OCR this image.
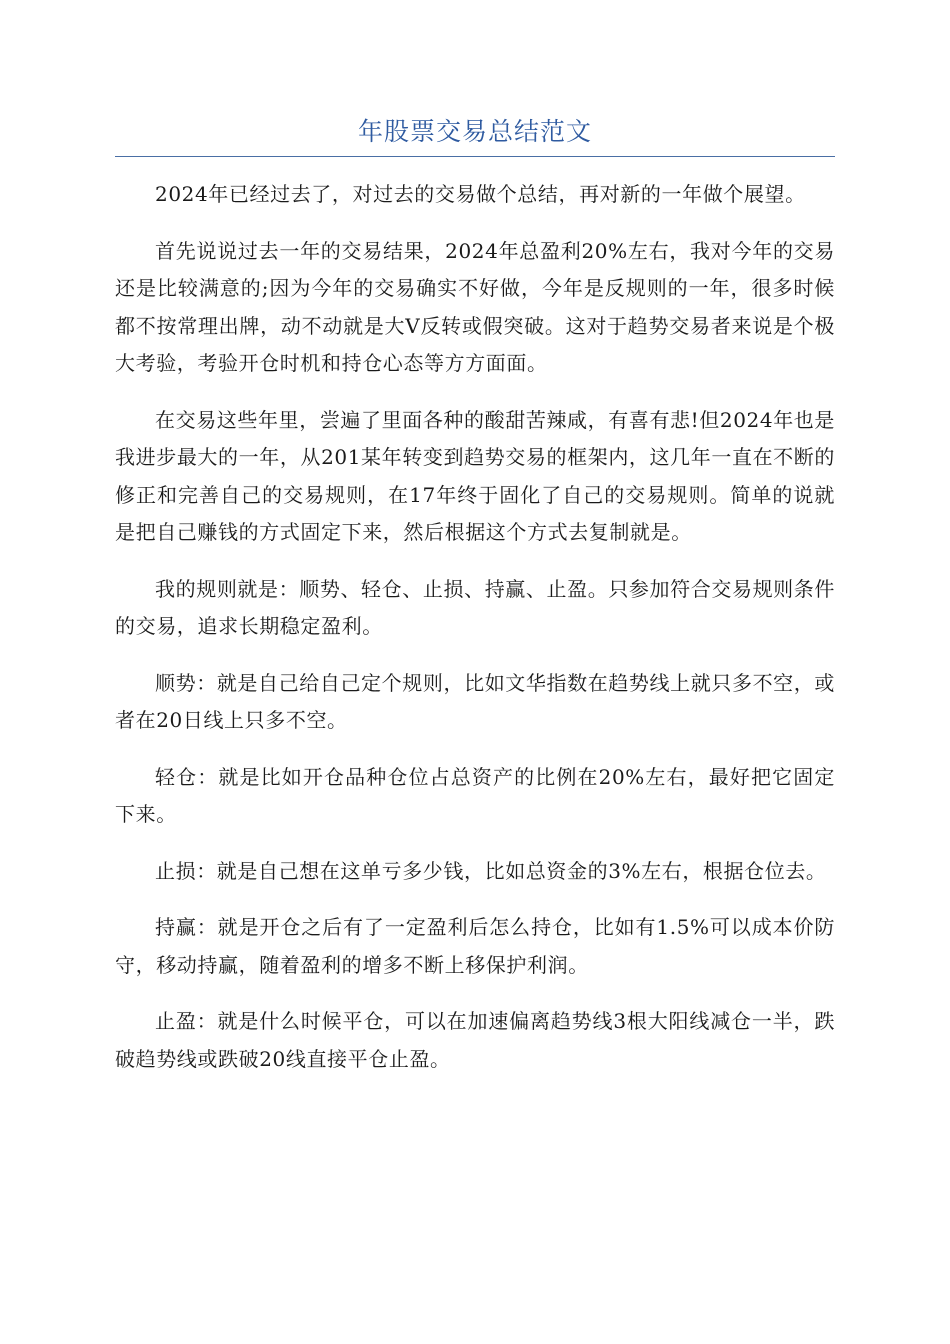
年股票交易总结范文

2024年已经过去了，对过去的交易做个总结，再对新的一年做个展望。

首先说说过去一年的交易结果，2024年总盈利20%左右，我对今年的交易还是比较满意的;因为今年的交易确实不好做，今年是反规则的一年，很多时候都不按常理出牌，动不动就是大V反转或假突破。这对于趋势交易者来说是个极大考验，考验开仓时机和持仓心态等方方面面。

在交易这些年里，尝遍了里面各种的酸甜苦辣咸，有喜有悲!但2024年也是我进步最大的一年，从201某年转变到趋势交易的框架内，这几年一直在不断的修正和完善自己的交易规则，在17年终于固化了自己的交易规则。简单的说就是把自己赚钱的方式固定下来，然后根据这个方式去复制就是。

我的规则就是：顺势、轻仓、止损、持赢、止盈。只参加符合交易规则条件的交易，追求长期稳定盈利。

顺势：就是自己给自己定个规则，比如文华指数在趋势线上就只多不空，或者在20日线上只多不空。

轻仓：就是比如开仓品种仓位占总资产的比例在20%左右，最好把它固定下来。

止损：就是自己想在这单亏多少钱，比如总资金的3%左右，根据仓位去。

持赢：就是开仓之后有了一定盈利后怎么持仓，比如有1.5%可以成本价防守，移动持赢，随着盈利的增多不断上移保护利润。

止盈：就是什么时候平仓，可以在加速偏离趋势线3根大阳线减仓一半，跌破趋势线或跌破20线直接平仓止盈。
